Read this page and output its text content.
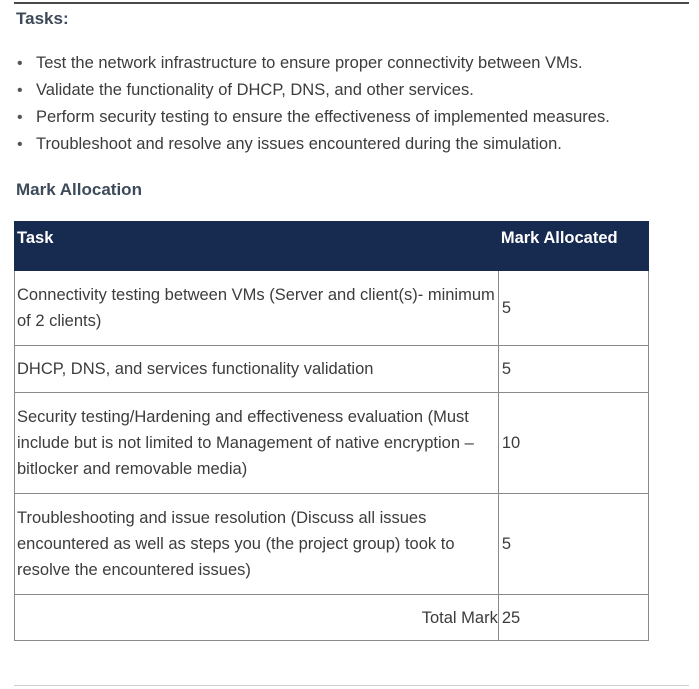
Tasks:
• Test the network infrastructure to ensure proper connectivity between VMs.
• Validate the functionality of DHCP, DNS, and other services.
• Perform security testing to ensure the effectiveness of implemented measures.
• Troubleshoot and resolve any issues encountered during the simulation.
Mark Allocation
Task	Mark Allocated
Connectivity testing between VMs (Server and client(s)- minimum of 2 clients)	5
DHCP, DNS, and services functionality validation	5
Security testing/Hardening and effectiveness evaluation (Must include but is not limited to Management of native encryption – bitlocker and removable media)	10
Troubleshooting and issue resolution (Discuss all issues encountered as well as steps you (the project group) took to resolve the encountered issues)	5
Total Mark	25
